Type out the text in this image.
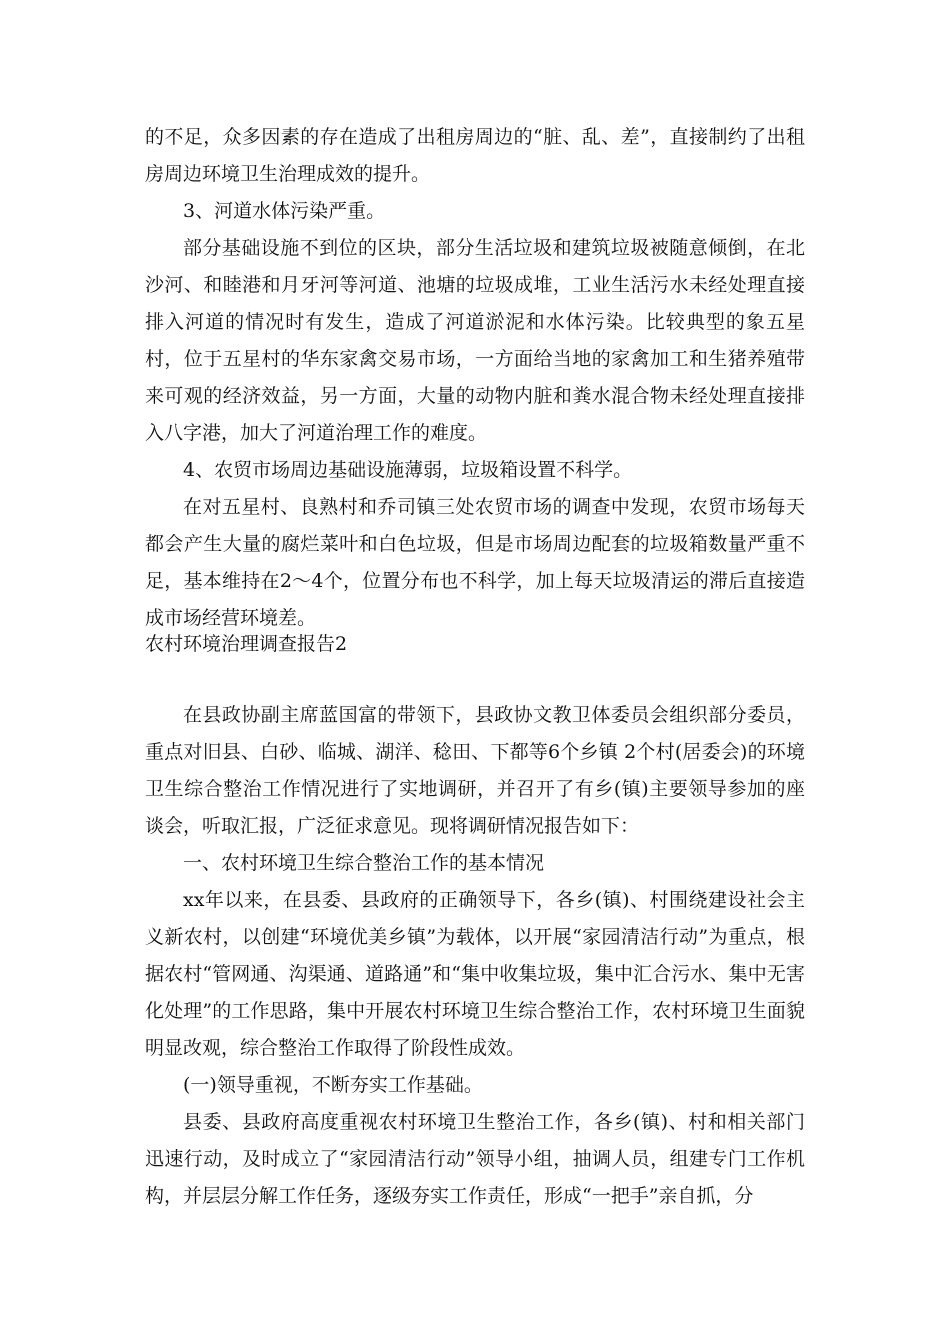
的不足，众多因素的存在造成了出租房周边的“脏、乱、差”，直接制约了出租房周边环境卫生治理成效的提升。

3、河道水体污染严重。

部分基础设施不到位的区块，部分生活垃圾和建筑垃圾被随意倾倒，在北沙河、和睦港和月牙河等河道、池塘的垃圾成堆，工业生活污水未经处理直接排入河道的情况时有发生，造成了河道淤泥和水体污染。比较典型的象五星村，位于五星村的华东家禽交易市场，一方面给当地的家禽加工和生猪养殖带来可观的经济效益，另一方面，大量的动物内脏和粪水混合物未经处理直接排入八字港，加大了河道治理工作的难度。

4、农贸市场周边基础设施薄弱，垃圾箱设置不科学。

在对五星村、良熟村和乔司镇三处农贸市场的调查中发现，农贸市场每天都会产生大量的腐烂菜叶和白色垃圾，但是市场周边配套的垃圾箱数量严重不足，基本维持在2～4个，位置分布也不科学，加上每天垃圾清运的滞后直接造成市场经营环境差。

农村环境治理调查报告2

在县政协副主席蓝国富的带领下，县政协文教卫体委员会组织部分委员，重点对旧县、白砂、临城、湖洋、稔田、下都等6个乡镇 2个村(居委会)的环境卫生综合整治工作情况进行了实地调研，并召开了有乡(镇)主要领导参加的座谈会，听取汇报，广泛征求意见。现将调研情况报告如下：

一、农村环境卫生综合整治工作的基本情况

xx年以来，在县委、县政府的正确领导下，各乡(镇)、村围绕建设社会主义新农村，以创建“环境优美乡镇”为载体，以开展“家园清洁行动”为重点，根据农村“管网通、沟渠通、道路通”和“集中收集垃圾，集中汇合污水、集中无害化处理”的工作思路，集中开展农村环境卫生综合整治工作，农村环境卫生面貌明显改观，综合整治工作取得了阶段性成效。

(一)领导重视，不断夯实工作基础。

县委、县政府高度重视农村环境卫生整治工作，各乡(镇)、村和相关部门迅速行动，及时成立了“家园清洁行动”领导小组，抽调人员，组建专门工作机构，并层层分解工作任务，逐级夯实工作责任，形成“一把手”亲自抓，分
